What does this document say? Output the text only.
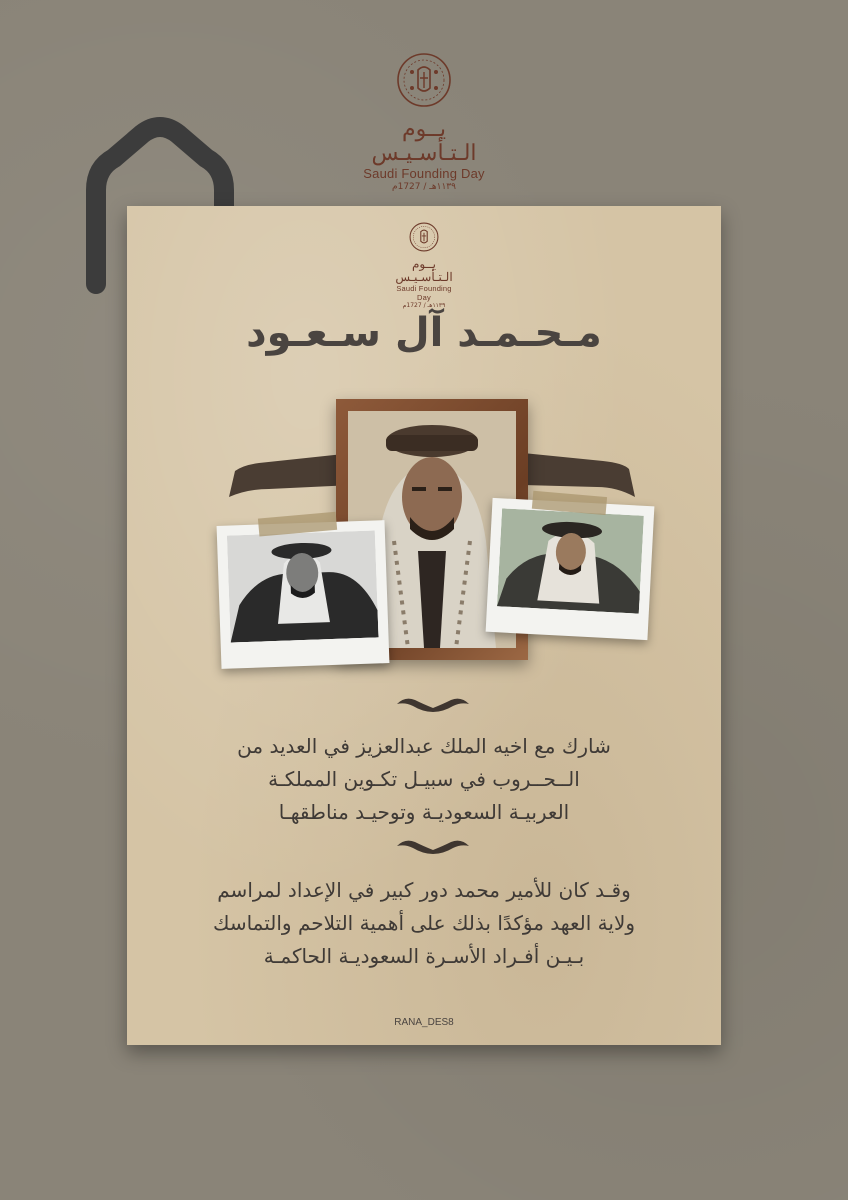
يــوم الـتـأسـيـس
Saudi Founding Day
١١٣٩هـ / 1727م
يــوم الـتـأسـيـس
Saudi Founding Day
١١٣٩هـ / 1727م
مـحـمـد آل سـعـود
شارك مع اخيه الملك عبدالعزيز في العديد من
الــحــروب في سبيـل تكـوين المملكـة
العربيـة السعوديـة وتوحيـد مناطقهـا
وقـد كان للأمير محمد دور كبير في الإعداد لمراسم
ولاية العهد مؤكدًا بذلك على أهمية التلاحم والتماسك
بـيـن أفـراد الأسـرة السعوديـة الحاكمـة
RANA_DES8
